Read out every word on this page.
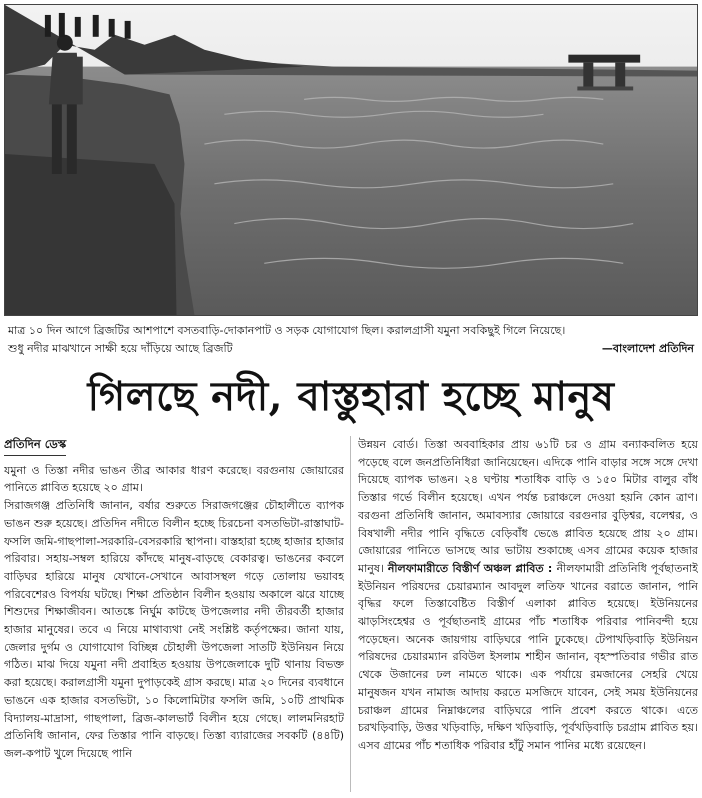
মাত্র ১০ দিন আগে ব্রিজটির আশপাশে বসতবাড়ি-দোকানপাট ও সড়ক যোগাযোগ ছিল। করালগ্রাসী যমুনা সবকিছুই গিলে নিয়েছে।
শুধু নদীর মাঝখানে সাক্ষী হয়ে দাঁড়িয়ে আছে ব্রিজটি	—বাংলাদেশ প্রতিদিন
গিলছে নদী, বাস্তুহারা হচ্ছে মানুষ
প্রতিদিন ডেস্ক

যমুনা ও তিস্তা নদীর ভাঙন তীব্র আকার ধারণ করেছে। বরগুনায় জোয়ারের পানিতে প্লাবিত হয়েছে ২০ গ্রাম।

সিরাজগঞ্জ প্রতিনিধি জানান, বর্ষার শুরুতে সিরাজগঞ্জের চৌহালীতে ব্যাপক ভাঙন শুরু হয়েছে। প্রতিদিন নদীতে বিলীন হচ্ছে চিরচেনা বসতভিটা-রাস্তাঘাট-ফসলি জমি-গাছপালা-সরকারি-বেসরকারি স্থাপনা। বাস্তহারা হচ্ছে হাজার হাজার পরিবার। সহায়-সম্বল হারিয়ে কাঁদছে মানুষ-বাড়ছে বেকারত্ব। ভাঙনের কবলে বাড়িঘর হারিয়ে মানুষ যেখানে-সেখানে আবাসস্থল গড়ে তোলায় ভয়াবহ পরিবেশেরও বিপর্যয় ঘটছে। শিক্ষা প্রতিষ্ঠান বিলীন হওয়ায় অকালে ঝরে যাচ্ছে শিশুদের শিক্ষাজীবন। আতঙ্কে নির্ঘুম কাটছে উপজেলার নদী তীরবর্তী হাজার হাজার মানুষের। তবে এ নিয়ে মাথাব্যথা নেই সংশ্লিষ্ট কর্তৃপক্ষের। জানা যায়, জেলার দুর্গম ও যোগাযোগ বিচ্ছিন্ন চৌহালী উপজেলা সাতটি ইউনিয়ন নিয়ে গঠিত। মাঝ দিয়ে যমুনা নদী প্রবাহিত হওয়ায় উপজেলাকে দুটি থানায় বিভক্ত করা হয়েছে। করালগ্রাসী যমুনা দুপাড়কেই গ্রাস করছে। মাত্র ২০ দিনের ব্যবধানে ভাঙনে এক হাজার বসতভিটা, ১০ কিলোমিটার ফসলি জমি, ১০টি প্রাথমিক বিদ্যালয়-মাদ্রাসা, গাছপালা, ব্রিজ-কালভার্ট বিলীন হয়ে গেছে। লালমনিরহাট প্রতিনিধি জানান, ফের তিস্তার পানি বাড়ছে। তিস্তা ব্যারাজের সবকটি (৪৪টি) জল-কপাট খুলে দিয়েছে পানি

উন্নয়ন বোর্ড। তিস্তা অববাহিকার প্রায় ৬১টি চর ও গ্রাম বন্যাকবলিত হয়ে পড়েছে বলে জনপ্রতিনিধিরা জানিয়েছেন। এদিকে পানি বাড়ার সঙ্গে সঙ্গে দেখা দিয়েছে ব্যাপক ভাঙন। ২৪ ঘণ্টায় শতাধিক বাড়ি ও ১৫০ মিটার বালুর বাঁধ তিস্তার গর্ভে বিলীন হয়েছে। এখন পর্যন্ত চরাঞ্চলে দেওয়া হয়নি কোন ত্রাণ। বরগুনা প্রতিনিধি জানান, অমাবস্যার জোয়ারে বরগুনার বুড়িশ্বর, বলেশ্বর, ও বিষখালী নদীর পানি বৃদ্ধিতে বেড়িবাঁধ ভেঙে প্লাবিত হয়েছে প্রায় ২০ গ্রাম। জোয়ারের পানিতে ভাসছে আর ভাটায় শুকাচ্ছে এসব গ্রামের কয়েক হাজার মানুষ। নীলফামারীতে বিস্তীর্ণ অঞ্চল প্লাবিত : নীলফামারী প্রতিনিধি পূর্বছাতনাই ইউনিয়ন পরিষদের চেয়ারম্যান আবদুল লতিফ খানের বরাতে জানান, পানি বৃদ্ধির ফলে তিস্তাবেষ্টিত বিস্তীর্ণ এলাকা প্লাবিত হয়েছে। ইউনিয়নের ঝাড়সিংহেশ্বর ও পূর্বছাতনাই গ্রামের পাঁচ শতাধিক পরিবার পানিবন্দী হয়ে পড়েছেন। অনেক জায়গায় বাড়িঘরে পানি ঢুকেছে। টেপাখড়িবাড়ি ইউনিয়ন পরিষদের চেয়ারম্যান রবিউল ইসলাম শাহীন জানান, বৃহস্পতিবার গভীর রাত থেকে উজানের ঢল নামতে থাকে। এক পর্যায়ে রমজানের সেহরি খেয়ে মানুষজন যখন নামাজ আদায় করতে মসজিদে যাবেন, সেই সময় ইউনিয়নের চরাঞ্চল গ্রামের নিম্নাঞ্চলের বাড়িঘরে পানি প্রবেশ করতে থাকে। এতে চরখড়িবাড়ি, উত্তর খড়িবাড়ি, দক্ষিণ খড়িবাড়ি, পূর্বখড়িবাড়ি চরগ্রাম প্লাবিত হয়। এসব গ্রামের পাঁচ শতাধিক পরিবার হাঁটু সমান পানির মধ্যে রয়েছেন।
